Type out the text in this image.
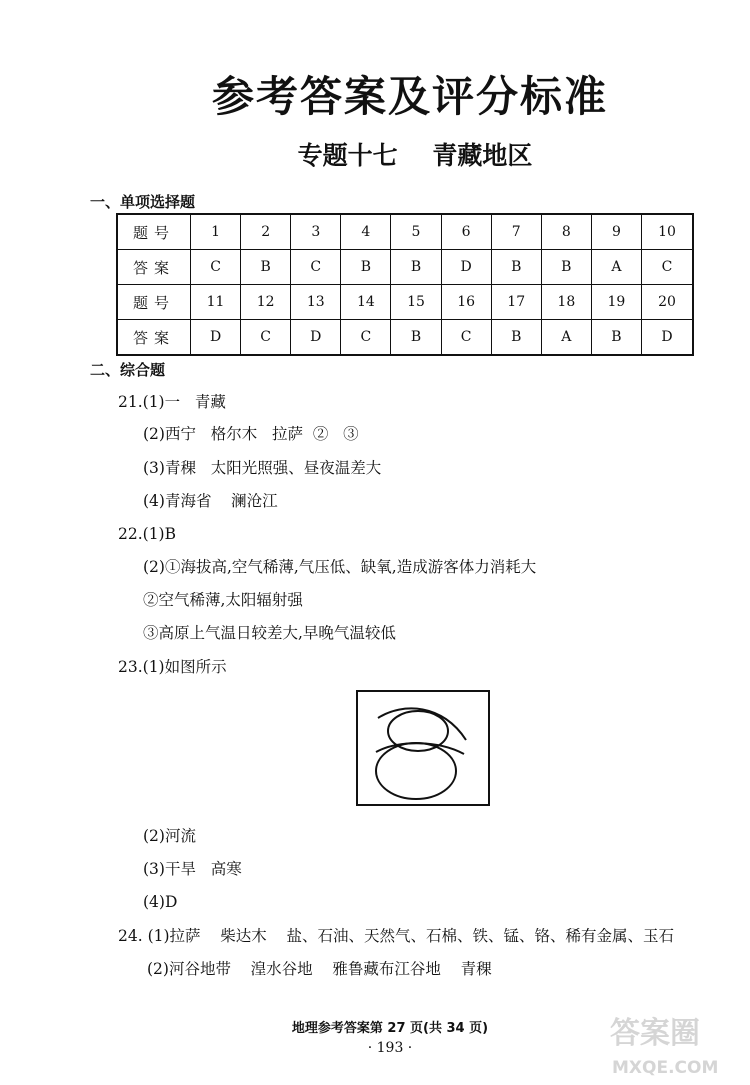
参考答案及评分标准
专题十七    青藏地区
一、单项选择题
题号	1	2	3	4	5	6	7	8	9	10
答案	C	B	C	B	B	D	B	B	A	C
题号	11	12	13	14	15	16	17	18	19	20
答案	D	C	D	C	B	C	B	A	B	D
二、综合题
21.(1)一   青藏
(2)西宁   格尔木   拉萨  ②   ③
(3)青稞   太阳光照强、昼夜温差大
(4)青海省    澜沧江
22.(1)B
(2)①海拔高,空气稀薄,气压低、缺氧,造成游客体力消耗大
②空气稀薄,太阳辐射强
③高原上气温日较差大,早晚气温较低
23.(1)如图所示
(2)河流
(3)干旱   高寒
(4)D
24. (1)拉萨    柴达木    盐、石油、天然气、石棉、铁、锰、铬、稀有金属、玉石
(2)河谷地带    湟水谷地    雅鲁藏布江谷地    青稞
地理参考答案第 27 页(共 34 页)
· 193 ·	答案圈
MXQE.COM
